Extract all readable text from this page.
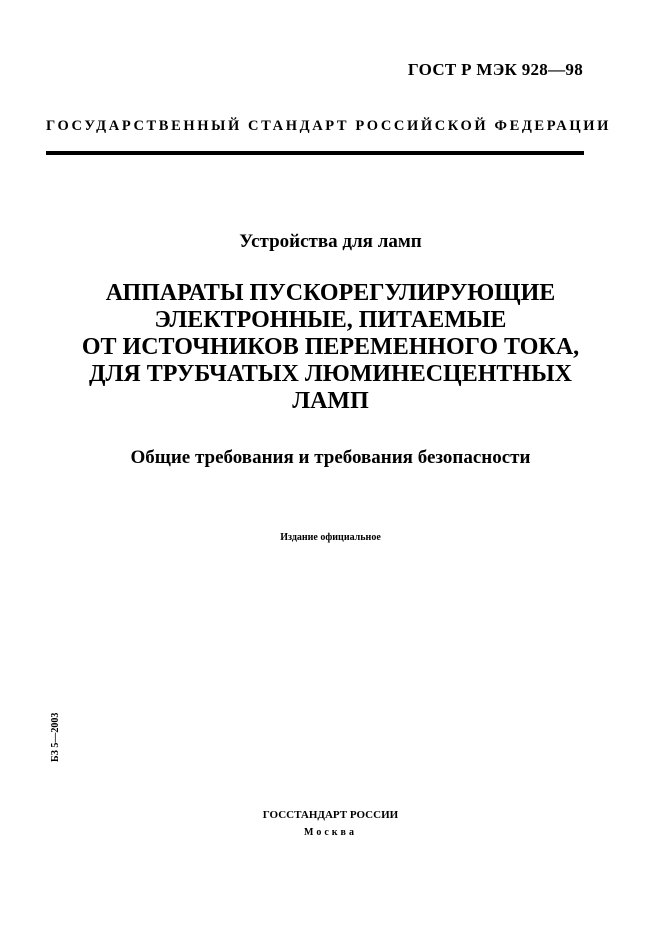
ГОСТ Р МЭК 928—98
ГОСУДАРСТВЕННЫЙ СТАНДАРТ РОССИЙСКОЙ ФЕДЕРАЦИИ
Устройства для ламп
АППАРАТЫ ПУСКОРЕГУЛИРУЮЩИЕ
ЭЛЕКТРОННЫЕ, ПИТАЕМЫЕ
ОТ ИСТОЧНИКОВ ПЕРЕМЕННОГО ТОКА,
ДЛЯ ТРУБЧАТЫХ ЛЮМИНЕСЦЕНТНЫХ
ЛАМП
Общие требования и требования безопасности
Издание официальное
БЗ 5—2003
ГОССТАНДАРТ РОССИИ
Москва
